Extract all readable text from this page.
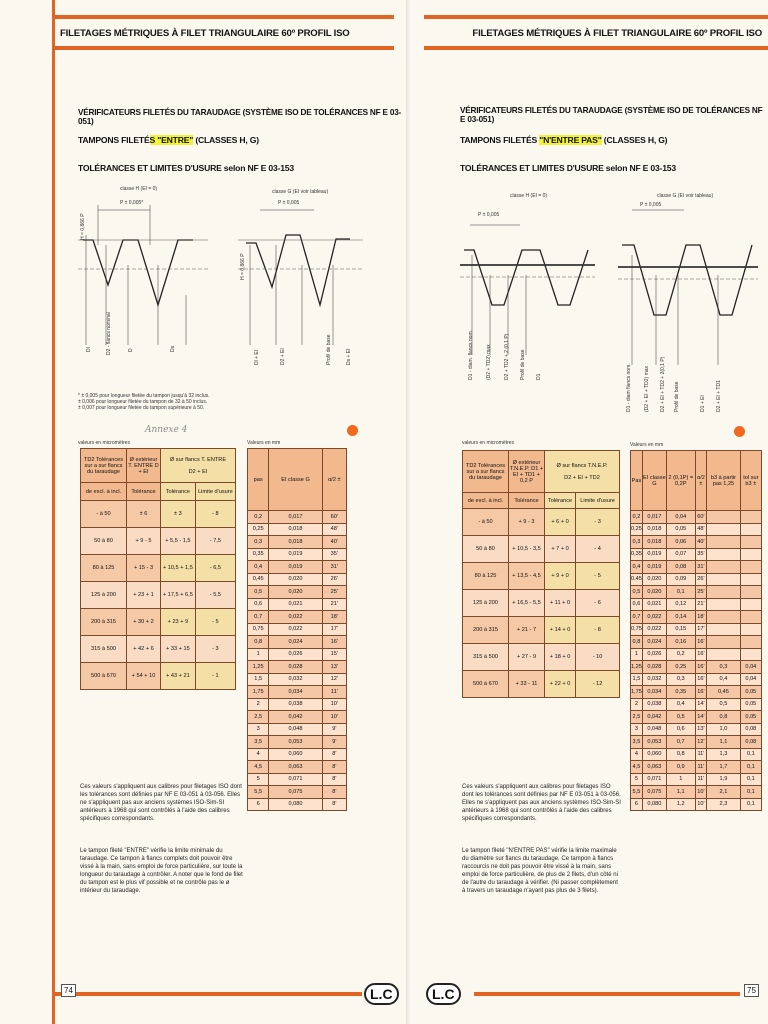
FILETAGES MÉTRIQUES À FILET TRIANGULAIRE 60º PROFIL ISO
VÉRIFICATEURS FILETÉS DU TARAUDAGE (SYSTÈME ISO DE TOLÉRANCES NF E 03-051)
TAMPONS FILETÉS "ENTRE" (CLASSES H, G)
TOLÉRANCES ET LIMITES D'USURE selon NF E 03-153
classe H (EI = 0)
P ± 0,005*
H = 0,866 P
Dl	D2 - flancs nominal	D	Ds
classe G (EI voir tableau)
P ± 0,005
H = 0,866 P
Dl + EI	D2 + EI	Profil de base	Ds + EI
* ± 0,005 pour longueur filetée du tampon jusqu'à 32 inclus.
± 0,006 pour longueur filetée du tampon de 32 à 50 inclus.
± 0,007 pour longueur filetée du tampon supérieure à 50.
Annexe 4
valeurs en micromètres	Valeurs en mm
TD2 Tolérances sur a sur flancs du taraudage	Ø extérieur T. ENTRE D + EI	Ø sur flancs T. ENTRE

D2 + EI	
de excl. à incl.	Tolérance	Tolérance	Limite d'usure
- à 50	± 6	± 3	- 8
50 à 80	+ 9 - 5	+ 5,5 - 1,5	- 7,5
80 à 125	+ 15 - 3	+ 10,5 + 1,5	- 6,5
125 à 200	+ 23 + 1	+ 17,5 + 6,5	- 5,5
200 à 315	+ 30 + 2	+ 23 + 9	- 5
315 à 500	+ 42 + 6	+ 33 + 15	- 3
500 à 670	+ 54 + 10	+ 43 + 21	- 1
pas	EI classe G	α/2 ±
0,2	0,017	60'
0,25	0,018	48'
0,3	0,018	40'
0,35	0,019	35'
0,4	0,019	31'
0,45	0,020	26'
0,5	0,020	25'
0,6	0,021	21'
0,7	0,022	18'
0,75	0,022	17'
0,8	0,024	16'
1	0,026	15'
1,25	0,028	13'
1,5	0,032	12'
1,75	0,034	11'
2	0,038	10'
2,5	0,042	10'
3	0,048	9'
3,5	0,053	9'
4	0,060	8'
4,5	0,063	8'
5	0,071	8'
5,5	0,075	8'
6	0,080	8'
Ces valeurs s'appliquent aux calibres pour filetages ISO dont les tolérances sont définies par NF E 03-051 à 03-056. Elles ne s'appliquent pas aux anciens systèmes ISO-Sim-SI antérieurs à 1968 qui sont contrôlés à l'aide des calibres spécifiques correspondants.
Le tampon fileté "ENTRE" vérifie la limite minimale du taraudage. Ce tampon à flancs complets doit pouvoir être vissé à la main, sans emploi de force particulière, sur toute la longueur du taraudage à contrôler. A noter que le fond de filet du tampon est le plus vif possible et ne contrôle pas le ø intérieur du taraudage.
74	L.C
FILETAGES MÉTRIQUES À FILET TRIANGULAIRE 60º PROFIL ISO
VÉRIFICATEURS FILETÉS DU TARAUDAGE (SYSTÈME ISO DE TOLÉRANCES NF E 03-051)
TAMPONS FILETÉS "N'ENTRE PAS" (CLASSES H, G)
TOLÉRANCES ET LIMITES D'USURE selon NF E 03-153
classe H (EI = 0)
P ± 0,005
D1 - diam. flancs nom. (D2 + TD2) max D2 + TD2 + 2 (0,1 P) Profil de base D1
classe G (EI voir tableau)
P ± 0,005
D1 - diam flancs nom. (D2 + EI + TD2) max D2 + EI + TD2 + 2(0,1 P) Profil de base	D1 + EI D2 + EI + TD1
valeurs en micromètres	Valeurs en mm
TD2 Tolérances sur a sur flancs du taraudage	Ø extérieur T.N.E.P. D1 + EI + TD1 + 0,2 P	Ø sur flancs T.N.E.P.

D2 + EI + TD2	
de excl. à incl.	Tolérance	Tolérance	Limite d'usure
- à 50	+ 9 - 3	+ 6 + 0	- 3
50 à 80	+ 10,5 - 3,5	+ 7 + 0	- 4
80 à 125	+ 13,5 - 4,5	+ 9 + 0	- 5
125 à 200	+ 16,5 - 5,5	+ 11 + 0	- 6
200 à 315	+ 21 - 7	+ 14 + 0	- 8
315 à 500	+ 27 - 9	+ 18 + 0	- 10
500 à 670	+ 33 - 11	+ 22 + 0	- 12
Pas	EI classe G	2 (0,1P) = 0,2P	α/2 ±	b3 à partir pas 1,25	tol sur b3 ±
0,2	0,017	0,04	60'		
0,25	0,018	0,05	48'		
0,3	0,018	0,06	40'		
0,35	0,019	0,07	35'		
0,4	0,019	0,08	31'		
0,45	0,020	0,09	26'		
0,5	0,020	0,1	25'		
0,6	0,021	0,12	21'		
0,7	0,022	0,14	18'		
0,75	0,022	0,15	17'		
0,8	0,024	0,16	16'		
1	0,026	0,2	16'		
1,25	0,028	0,25	16'	0,3	0,04
1,5	0,032	0,3	16'	0,4	0,04
1,75	0,034	0,35	16'	0,45	0,05
2	0,038	0,4	14'	0,5	0,05
2,5	0,042	0,5	14'	0,8	0,05
3	0,048	0,6	13'	1,0	0,08
3,5	0,053	0,7	12'	1,1	0,08
4	0,060	0,8	11'	1,3	0,1
4,5	0,063	0,9	11'	1,7	0,1
5	0,071	1	11'	1,9	0,1
5,5	0,075	1,1	10'	2,1	0,1
6	0,080	1,2	10'	2,3	0,1
Ces valeurs s'appliquent aux calibres pour filetages ISO dont les tolérances sont définies par NF E 03-051 à 03-056. Elles ne s'appliquent pas aux anciens systèmes ISO-Sim-SI antérieurs à 1968 qui sont contrôlés à l'aide des calibres spécifiques correspondants.
Le tampon fileté "N'ENTRE PAS" vérifie la limite maximale du diamètre sur flancs du taraudage. Ce tampon à flancs raccourcis ne doit pas pouvoir être vissé à la main, sans emploi de force particulière, de plus de 2 filets, d'un côté ni de l'autre du taraudage à vérifier. (Ni passer complètement à travers un taraudage n'ayant pas plus de 3 filets).
L.C	75
